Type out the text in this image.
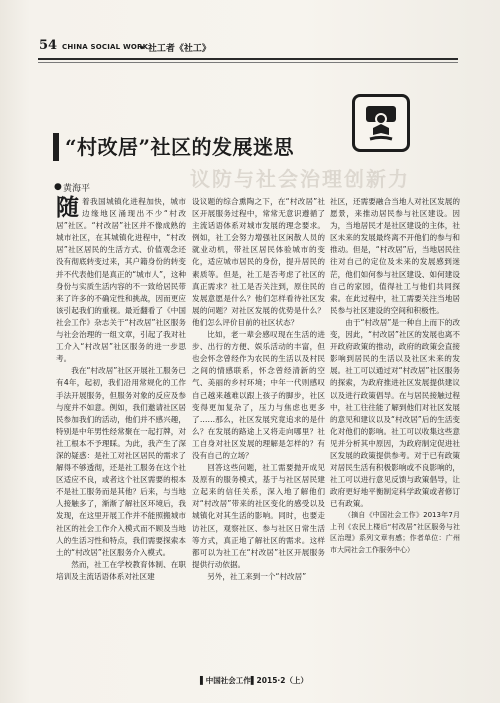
54 CHINA SOCIAL WORK
• 社工者《社工》
“村改居”社区的发展迷思
议防与社会治理创新力
● 黄海平

随着我国城镇化进程加快，城市边缘地区涌现出不少“村改居”社区。“村改居”社区并不像成熟的城市社区，在其城镇化进程中，“村改居”社区居民的生活方式、价值观念还没有彻底转变过来，其户籍身份的转变并不代表他们是真正的“城市人”，这种身份与实质生活内容的不一致给居民带来了许多的不确定性和挑战，因而更应该引起我们的重视。最近翻看了《中国社会工作》杂志关于“村改居”社区服务与社会治理的一组文章，引起了我对社工介入“村改居”社区服务的进一步思考。

我在“村改居”社区开展社工服务已有4年，起初，我们沿用常规化的工作手法开展服务，但服务对象的反应及参与度并不如意。例如，我们邀请社区居民参加我们的活动，他们并不感兴趣，特别是中年男性经常聚在一起打牌，对社工根本不予理睬。为此，我产生了深深的疑惑：是社工对社区居民的需求了解得不够透彻，还是社工服务在这个社区适应不良，或者这个社区需要的根本不是社工服务而是其他？后来，与当地人接触多了，渐渐了解社区环境后，我发现，在这里开展工作并不能照搬城市社区的社会工作介入模式而不顾及当地人的生活习性和特点，我们需要探索本土的“村改居”社区服务介入模式。

然而，社工在学校教育体制、在职培训及主流话语体系对社区建

设议题的综合熏陶之下，在“村改居”社区开展服务过程中，常常无意识遵循了主流话语体系对城市发展的理念要求。例如，社工会努力增强社区闲散人员的就业动机，带社区居民体验城市的变化，适应城市居民的身份，提升居民的素质等。但是，社工是否考虑了社区的真正需求？社工是否关注到，原住民的发展意愿是什么？他们怎样看待社区发展的问题？对社区发展的优势是什么？他们怎么评价目前的社区状态？

比如，老一辈会感叹现在生活的进步、出行的方便、娱乐活动的丰富，但也会怀念曾经作为农民的生活以及村民之间的情感联系，怀念曾经清新的空气、美丽的乡村环境；中年一代则感叹自己越来越难以跟上孩子的脚步，社区变得更加复杂了，压力与焦虑也更多了……那么，社区发展究竟追求的是什么？在发展的路途上又将走向哪里？社工自身对社区发展的理解是怎样的？有没有自己的立场？

回答这些问题，社工需要抛开成见及原有的服务模式，基于与社区居民建立起来的信任关系，深入地了解他们对“村改居”带来的社区变化的感受以及城镇化对其生活的影响。同时，也要走访社区，观察社区、参与社区日常生活等方式，真正地了解社区的需求。这样都可以为社工在“村改居”社区开展服务提供行动依据。

另外，社工来到一个“村改居”

社区，还需要融合当地人对社区发展的愿景，来推动居民参与社区建设。因为，当地居民才是社区建设的主体，社区未来的发展最终离不开他们的参与和推动。但是，“村改居”后，当地居民往往对自己的定位及未来的发展感到迷茫，他们如何参与社区建设、如何建设自己的家园，值得社工与他们共同探索。在此过程中，社工需要关注当地居民参与社区建设的空间和积极性。

由于“村改居”是一种自上而下的改变，因此，“村改居”社区的发展也离不开政府政策的推动，政府的政策会直接影响到居民的生活以及社区未来的发展。社工可以通过对“村改居”社区服务的探索，为政府推进社区发展提供建议以及进行政策倡导。在与居民接触过程中，社工往往能了解到他们对社区发展的意见和建议以及“村改居”后的生活变化对他们的影响。社工可以收集这些意见并分析其中原因，为政府制定促进社区发展的政策提供参考。对于已有政策对居民生活有积极影响或不良影响的，社工可以进行意见反馈与政策倡导，让政府更好地平衡制定科学政策或者修订已有政策。

（摘自《中国社会工作》2013年7月上刊《农民上楼后“村改居”社区服务与社区治理》系列文章有感；作者单位：广州市大同社会工作服务中心）

▌中国社会工作▌2015·2（上）
